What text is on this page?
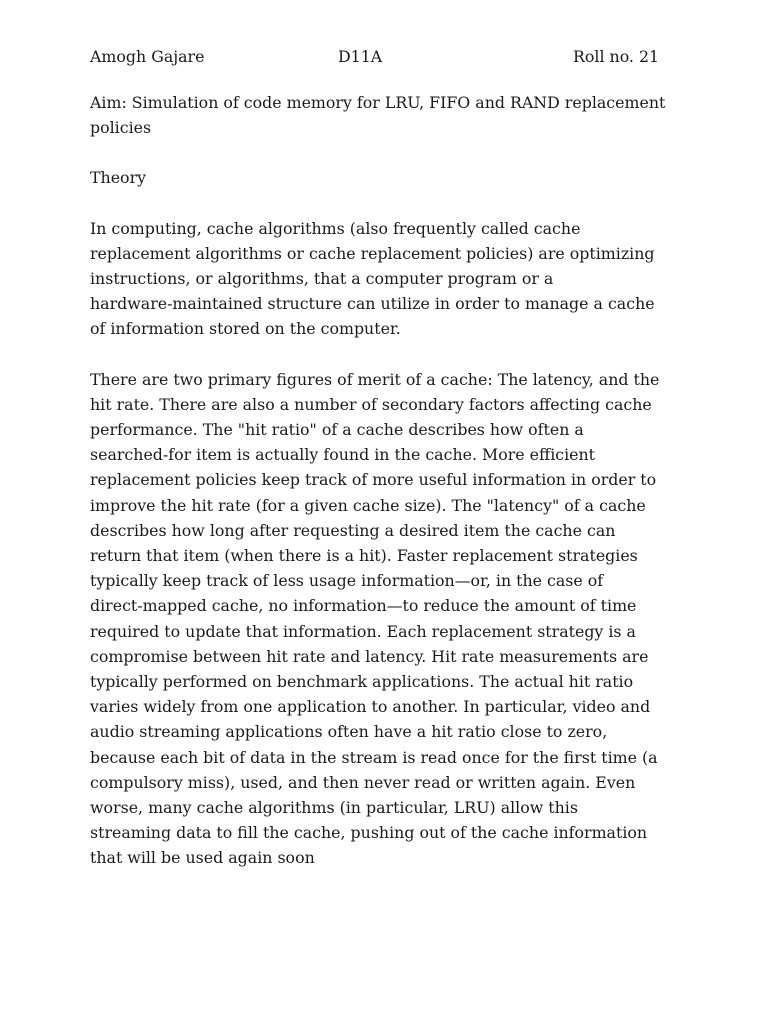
Amogh Gajare	D11A	Roll no. 21
Aim: Simulation of code memory for LRU, FIFO and RAND replacement
policies
Theory
In computing, cache algorithms (also frequently called cache
replacement algorithms or cache replacement policies) are optimizing
instructions, or algorithms, that a computer program or a
hardware-maintained structure can utilize in order to manage a cache
of information stored on the computer.
There are two primary figures of merit of a cache: The latency, and the
hit rate. There are also a number of secondary factors affecting cache
performance. The "hit ratio" of a cache describes how often a
searched-for item is actually found in the cache. More efficient
replacement policies keep track of more useful information in order to
improve the hit rate (for a given cache size). The "latency" of a cache
describes how long after requesting a desired item the cache can
return that item (when there is a hit). Faster replacement strategies
typically keep track of less usage information—or, in the case of
direct-mapped cache, no information—to reduce the amount of time
required to update that information. Each replacement strategy is a
compromise between hit rate and latency. Hit rate measurements are
typically performed on benchmark applications. The actual hit ratio
varies widely from one application to another. In particular, video and
audio streaming applications often have a hit ratio close to zero,
because each bit of data in the stream is read once for the first time (a
compulsory miss), used, and then never read or written again. Even
worse, many cache algorithms (in particular, LRU) allow this
streaming data to fill the cache, pushing out of the cache information
that will be used again soon
